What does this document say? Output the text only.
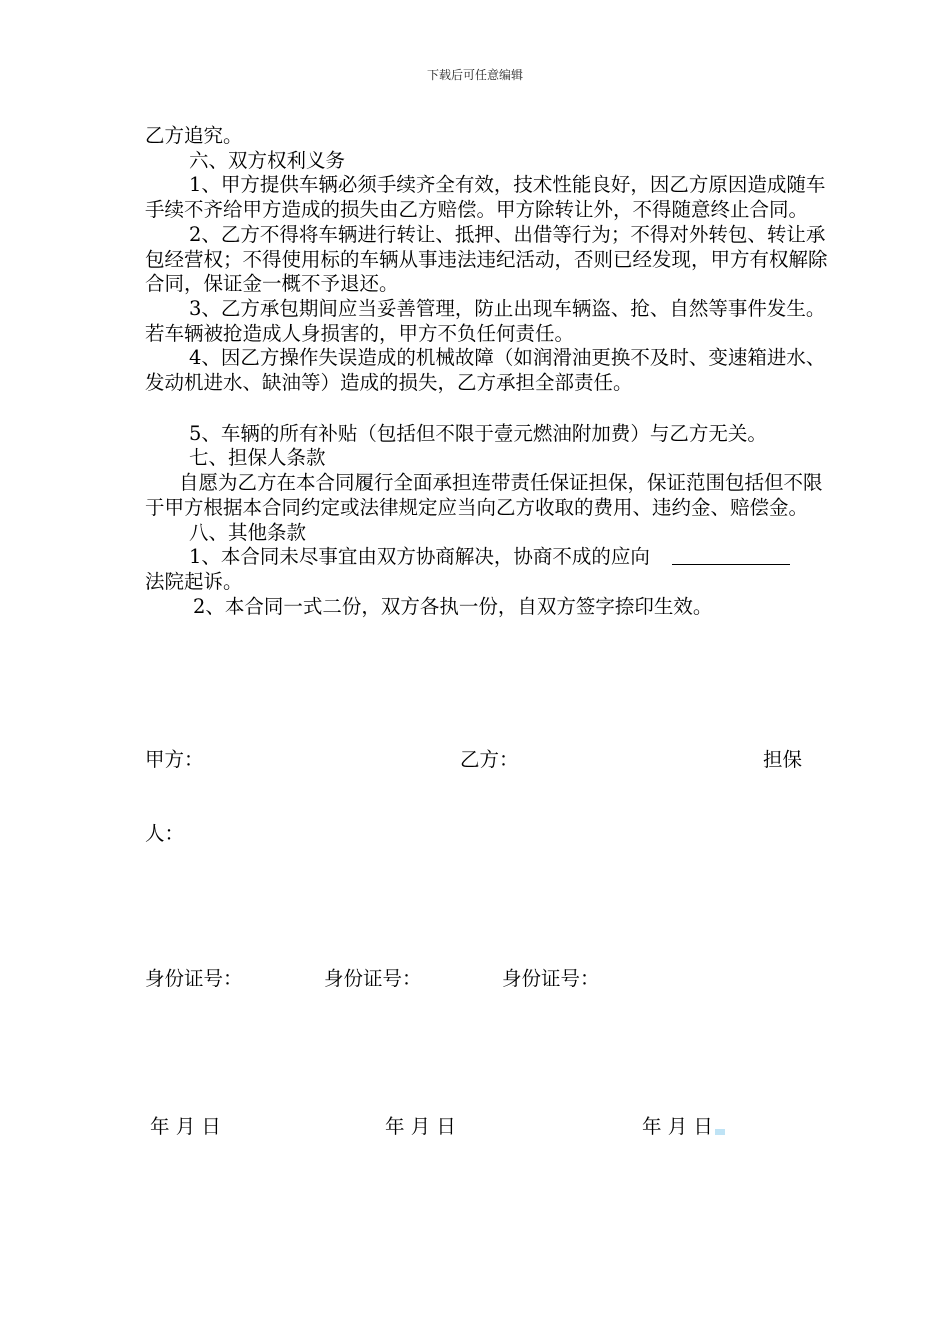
下载后可任意编辑

乙方追究。

六、双方权利义务

1、甲方提供车辆必须手续齐全有效，技术性能良好，因乙方原因造成随车手续不齐给甲方造成的损失由乙方赔偿。甲方除转让外，不得随意终止合同。

2、乙方不得将车辆进行转让、抵押、出借等行为；不得对外转包、转让承包经营权；不得使用标的车辆从事违法违纪活动，否则已经发现，甲方有权解除合同，保证金一概不予退还。

3、乙方承包期间应当妥善管理，防止出现车辆盗、抢、自然等事件发生。若车辆被抢造成人身损害的，甲方不负任何责任。

4、因乙方操作失误造成的机械故障（如润滑油更换不及时、变速箱进水、发动机进水、缺油等）造成的损失，乙方承担全部责任。

5、车辆的所有补贴（包括但不限于壹元燃油附加费）与乙方无关。

七、担保人条款

自愿为乙方在本合同履行全面承担连带责任保证担保，保证范围包括但不限于甲方根据本合同约定或法律规定应当向乙方收取的费用、违约金、赔偿金。

八、其他条款

1、本合同未尽事宜由双方协商解决，协商不成的应向

法院起诉。

2、本合同一式二份，双方各执一份，自双方签字捺印生效。

甲方：	乙方：	担保
人：
身份证号：	身份证号：	身份证号：
年 月 日	年 月 日	年 月 日
